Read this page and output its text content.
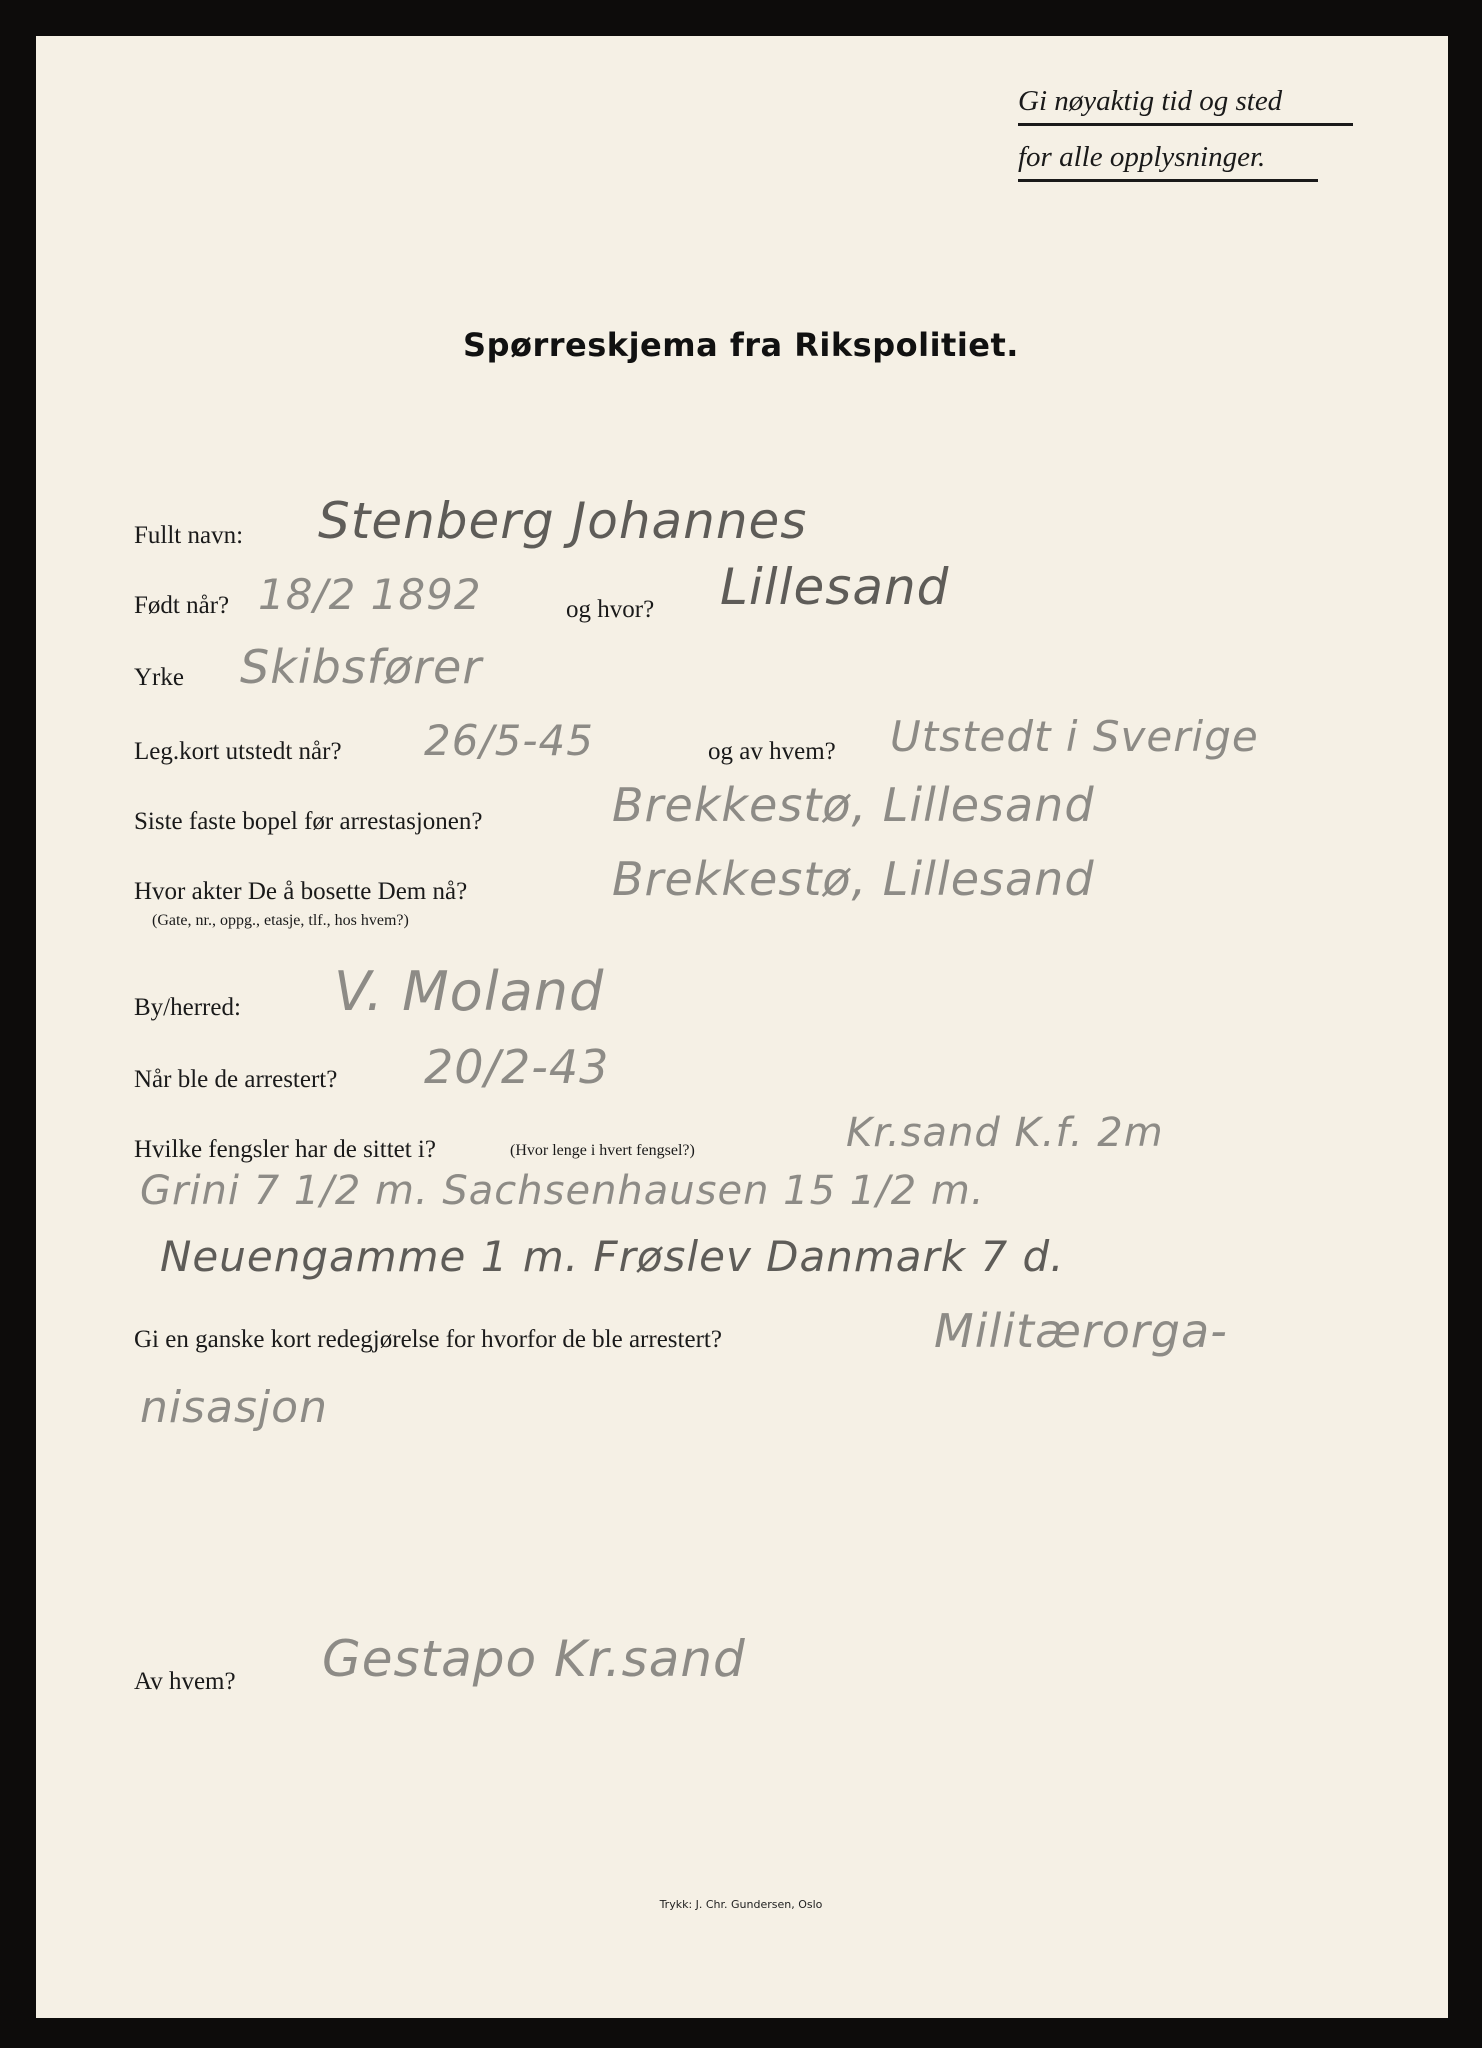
Gi nøyaktig tid og sted
for alle opplysninger.
Spørreskjema fra Rikspolitiet.
Fullt navn: Stenberg Johannes
Født når? 18/2 1892	og hvor? Lillesand
Yrke Skibsfører
Leg.kort utstedt når? 26/5-45	og av hvem? Utstedt i Sverige
Siste faste bopel før arrestasjonen?	Brekkestø, Lillesand
Hvor akter De å bosette Dem nå?
(Gate, nr., oppg., etasje, tlf., hos hvem?)
Brekkestø, Lillesand
By/herred: V. Moland
Når ble de arrestert? 20/2-43
Hvilke fengsler har de sittet i?	(Hvor lenge i hvert fengsel?)	Kr.sand K.f. 2m
Grini 7 1/2 m. Sachsenhausen 15 1/2 m.
Neuengamme 1 m. Frøslev Danmark 7 d.
Gi en ganske kort redegjørelse for hvorfor de ble arrestert?	Militærorga-
nisasjon
Av hvem? Gestapo Kr.sand
Trykk: J. Chr. Gundersen, Oslo
